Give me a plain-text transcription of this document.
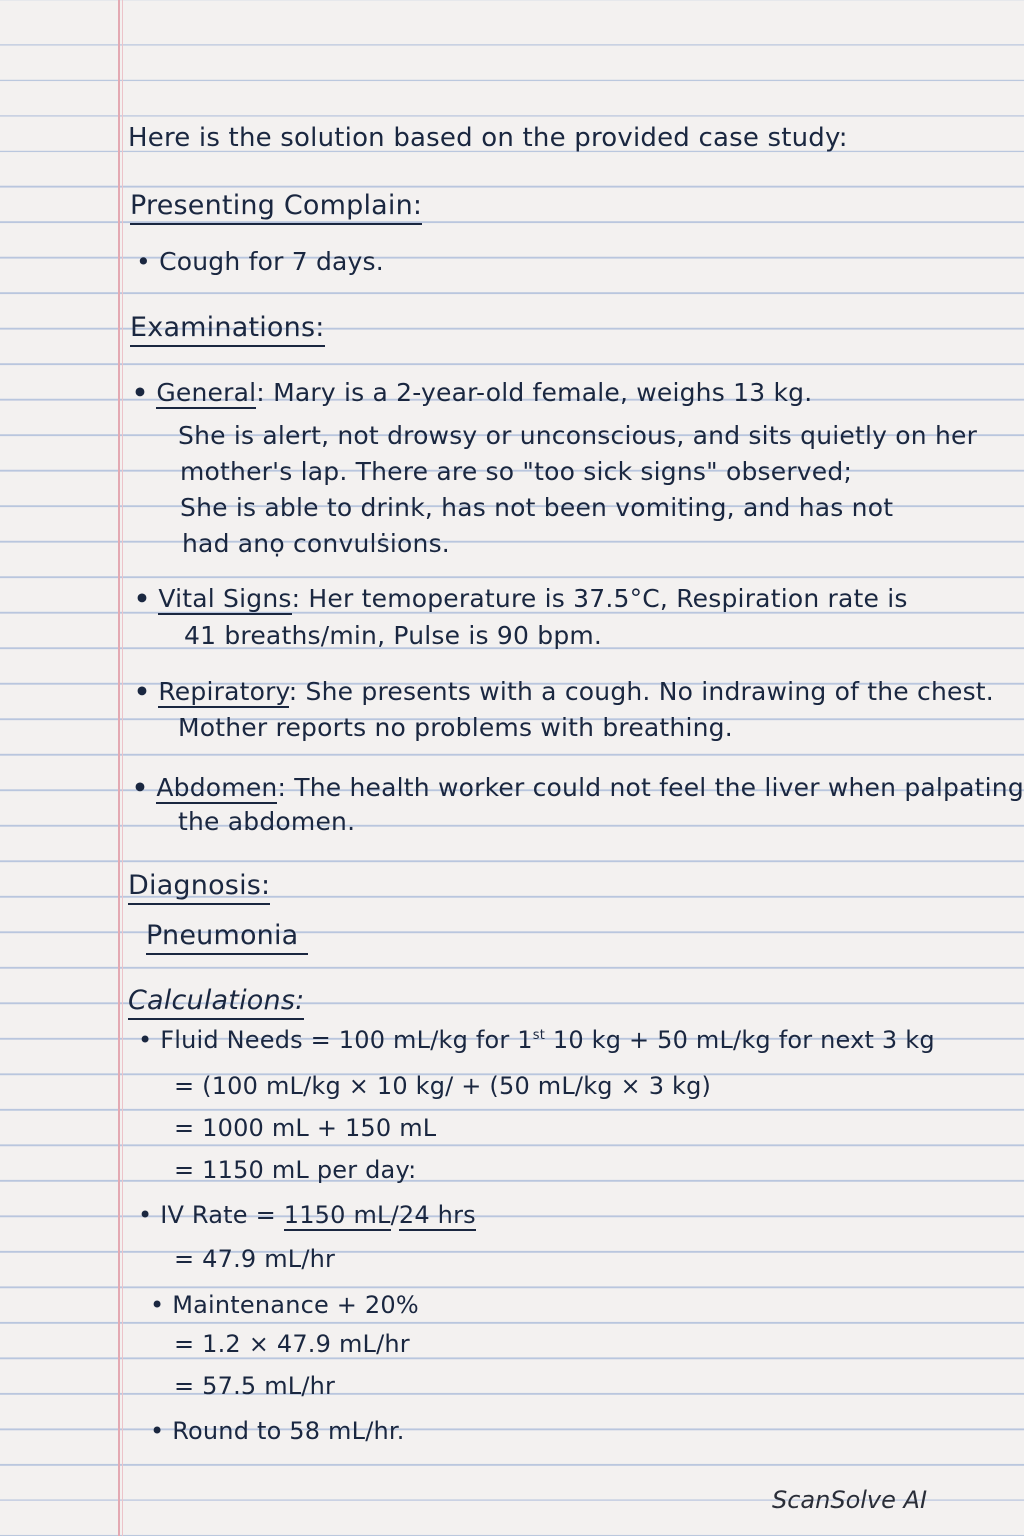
Here is the solution based on the provided case study:
Presenting Complain:
• Cough for 7 days.
Examinations:
• General: Mary is a 2-year-old female, weighs 13 kg.
She is alert, not drowsy or unconscious, and sits quietly on her
mother's lap. There are so "too sick signs" observed;
She is able to drink, has not been vomiting, and has not
had anọ convulṡions.
• Vital Signs: Her temoperature is 37.5°C, Respiration rate is
41 breaths/min, Pulse is 90 bpm.
• Repiratory: She presents with a cough. No indrawing of the chest.
Mother reports no problems with breathing.
• Abdomen: The health worker could not feel the liver when palpating
the abdomen.
Diagnosis:
Pneumonia
Calculations:
• Fluid Needs = 100 mL/kg for 1st 10 kg + 50 mL/kg for next 3 kg
= (100 mL/kg × 10 kg/ + (50 mL/kg × 3 kg)
= 1000 mL + 150 mL
= 1150 mL per day:
• IV Rate = 1150 mL/24 hrs
= 47.9 mL/hr
• Maintenance + 20%
= 1.2 × 47.9 mL/hr
= 57.5 mL/hr
• Round to 58 mL/hr.
ScanSolve AI
